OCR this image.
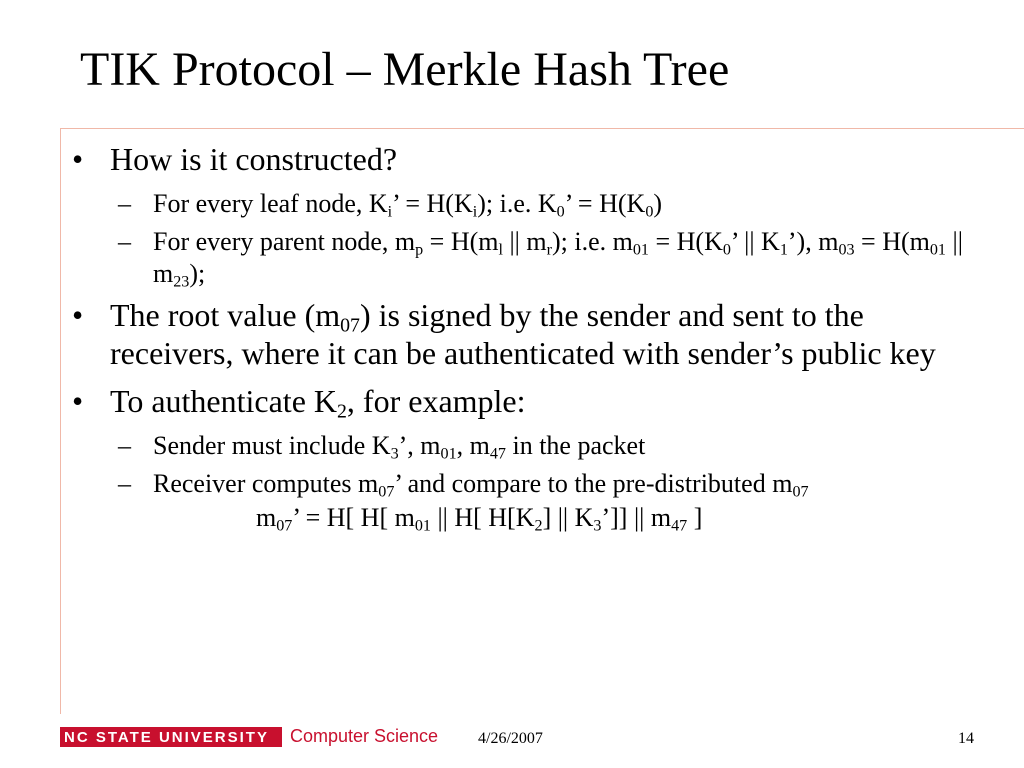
TIK Protocol – Merkle Hash Tree
• How is it constructed?
– For every leaf node, $K_i$’ = $H(K_i)$; i.e. $K_0$’ = $H(K_0)$
– For every parent node, $m_p = H(m_l$ || $m_r$); i.e. $m_{01} = H(K_0$’ || $K_1$’), $m_{03} = H(m_{01}$ || $m_{23}$);
• The root value $(m_{07})$ is signed by the sender and sent to the receivers, where it can be authenticated with sender’s public key
• To authenticate $K_2$, for example:
– Sender must include $K_3$’, $m_{01}$, $m_{47}$ in the packet
– Receiver computes $m_{07}$’ and compare to the pre-distributed $m_{07}$
$m_{07}$’ = H[ H[ $m_{01}$ || H[ $H[K_2]$ || $K_3$’]] || $m_{47}$ ]
NC STATE UNIVERSITY Computer Science 4/26/2007	14
